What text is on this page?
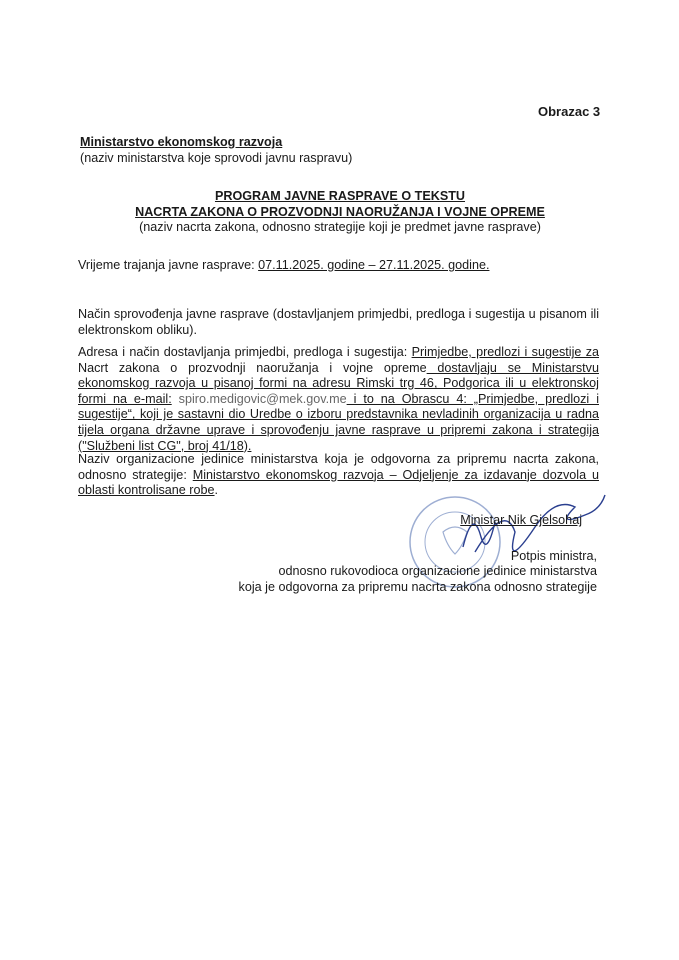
Obrazac 3
Ministarstvo ekonomskog razvoja
(naziv ministarstva koje sprovodi javnu raspravu)
PROGRAM JAVNE RASPRAVE O TEKSTU
NACRTA ZAKONA O PROZVODNJI NAORUŽANJA I VOJNE OPREME
(naziv nacrta zakona, odnosno strategije koji je predmet javne rasprave)

Vrijeme trajanja javne rasprave: 07.11.2025. godine – 27.11.2025. godine.

Način sprovođenja javne rasprave (dostavljanjem primjedbi, predloga i sugestija u pisanom ili elektronskom obliku).

Adresa i način dostavljanja primjedbi, predloga i sugestija: Primjedbe, predlozi i sugestije za Nacrt zakona o prozvodnji naoružanja i vojne opreme dostavljaju se Ministarstvu ekonomskog razvoja u pisanoj formi na adresu Rimski trg 46, Podgorica ili u elektronskoj formi na e-mail: spiro.medigovic@mek.gov.me i to na Obrascu 4: „Primjedbe, predlozi i sugestije“, koji je sastavni dio Uredbe o izboru predstavnika nevladinih organizacija u radna tijela organa državne uprave i sprovođenju javne rasprave u pripremi zakona i strategija ("Službeni list CG", broj 41/18).

Naziv organizacione jedinice ministarstva koja je odgovorna za pripremu nacrta zakona, odnosno strategije: Ministarstvo ekonomskog razvoja – Odjeljenje za izdavanje dozvola u oblasti kontrolisane robe.

Ministar Nik Gjelsohaj
Potpis ministra,
odnosno rukovodioca organizacione jedinice ministarstva
koja je odgovorna za pripremu nacrta zakona odnosno strategije
